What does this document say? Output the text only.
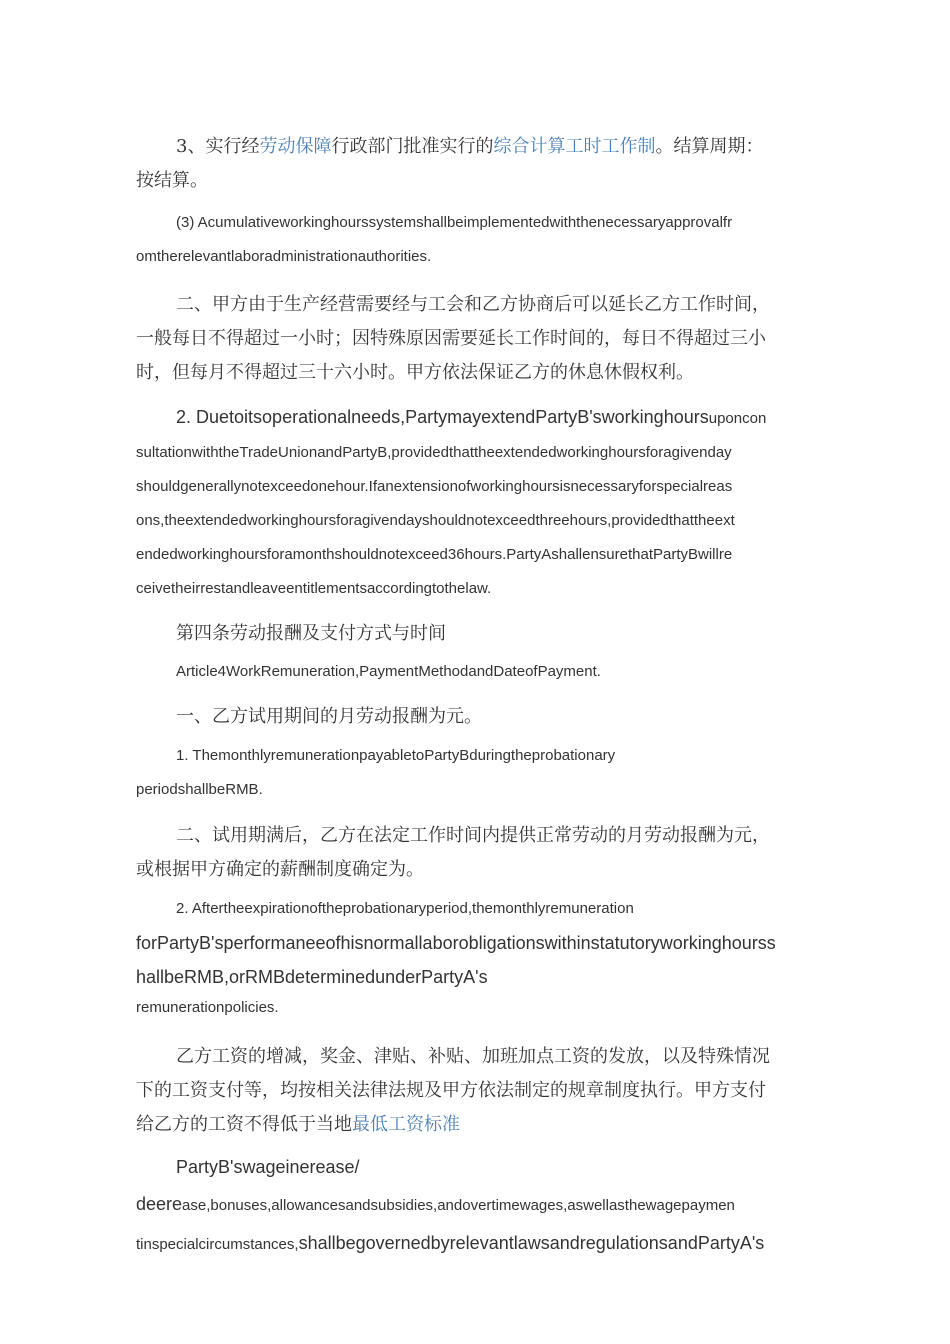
3、实行经劳动保障行政部门批准实行的综合计算工时工作制。结算周期：
按结算。

(3) Acumulativeworkinghourssystemshallbeimplementedwiththenecessaryapprovalfr
omtherelevantlaboradministrationauthorities.

二、甲方由于生产经营需要经与工会和乙方协商后可以延长乙方工作时间，
一般每日不得超过一小时；因特殊原因需要延长工作时间的，每日不得超过三小
时，但每月不得超过三十六小时。甲方依法保证乙方的休息休假权利。

2. Duetoitsoperationalneeds,PartymayextendPartyB'sworkinghoursuponcon
sultationwiththeTradeUnionandPartyB,providedthattheextendedworkinghoursforagivenday
shouldgenerallynotexceedonehour.Ifanextensionofworkinghoursisnecessaryforspecialreas
ons,theextendedworkinghoursforagivendayshouldnotexceedthreehours,providedthattheext
endedworkinghoursforamonthshouldnotexceed36hours.PartyAshallensurethatPartyBwillre
ceivetheirrestandleaveentitlementsaccordingtothelaw.

第四条劳动报酬及支付方式与时间

Article4WorkRemuneration,PaymentMethodandDateofPayment.

一、乙方试用期间的月劳动报酬为元。

1. ThemonthlyremunerationpayabletoPartyBduringtheprobationary
periodshallbeRMB.

二、试用期满后，乙方在法定工作时间内提供正常劳动的月劳动报酬为元，
或根据甲方确定的薪酬制度确定为。

2. Aftertheexpirationoftheprobationaryperiod,themonthlyremuneration
forPartyB'sperformaneeofhisnormallaborobligationswithinstatutoryworkinghourss
hallbeRMB,orRMBdeterminedunderPartyA's
remunerationpolicies.

乙方工资的增减，奖金、津贴、补贴、加班加点工资的发放，以及特殊情况
下的工资支付等，均按相关法律法规及甲方依法制定的规章制度执行。甲方支付
给乙方的工资不得低于当地最低工资标准

PartyB'swageinerease/
deerease,bonuses,allowancesandsubsidies,andovertimewages,aswellasthewagepaymen
tinspecialcircumstances,shallbegovernedbyrelevantlawsandregulationsandPartyA's
